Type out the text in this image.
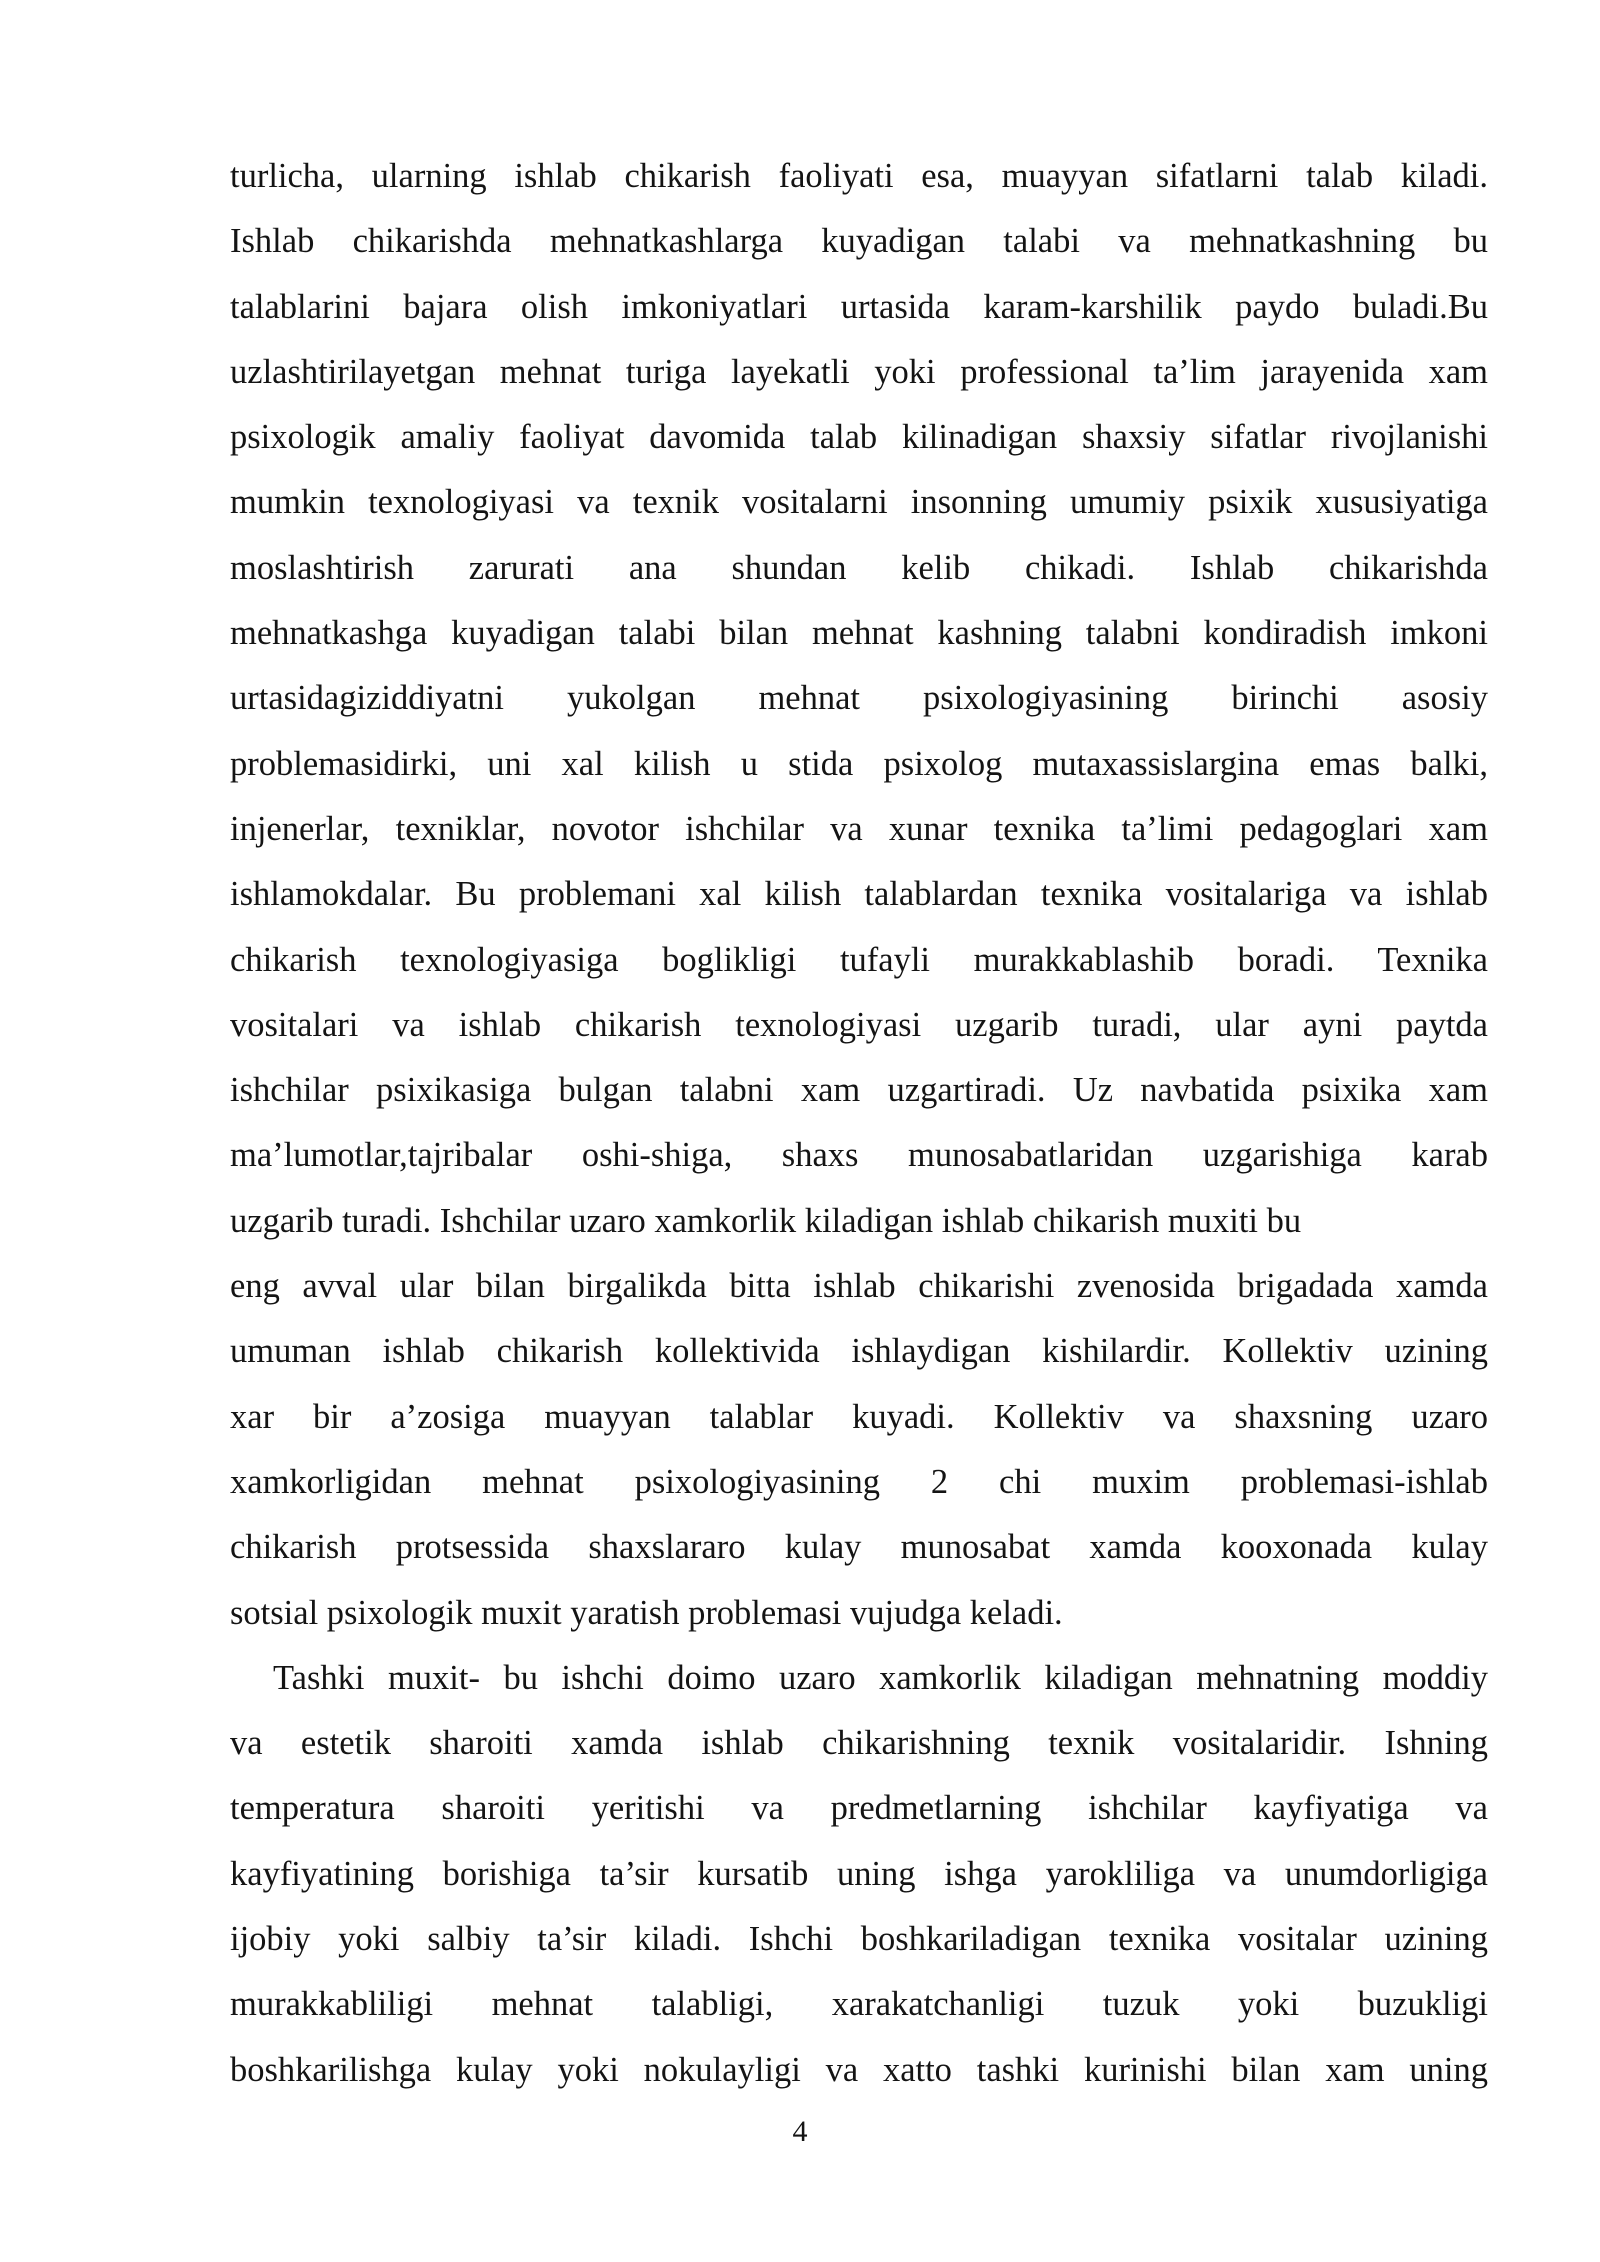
turlicha, ularning ishlab chikarish faoliyati esa, muayyan sifatlarni talab kiladi.
Ishlab chikarishda mehnatkashlarga kuyadigan talabi va mehnatkashning bu
talablarini bajara olish imkoniyatlari urtasida karam-karshilik paydo buladi.Bu
uzlashtirilayetgan mehnat turiga layekatli yoki professional ta’lim jarayenida xam
psixologik amaliy faoliyat davomida talab kilinadigan shaxsiy sifatlar rivojlanishi
mumkin texnologiyasi va texnik vositalarni insonning umumiy psixik xususiyatiga
moslashtirish zarurati ana shundan kelib chikadi. Ishlab chikarishda
mehnatkashga kuyadigan talabi bilan mehnat kashning talabni kondiradish imkoni
urtasidagiziddiyatni yukolgan mehnat psixologiyasining birinchi asosiy
problemasidirki, uni xal kilish u stida psixolog mutaxassislargina emas balki,
injenerlar, texniklar, novotor ishchilar va xunar texnika ta’limi pedagoglari xam
ishlamokdalar. Bu problemani xal kilish talablardan texnika vositalariga va ishlab
chikarish texnologiyasiga boglikligi tufayli murakkablashib boradi. Texnika
vositalari va ishlab chikarish texnologiyasi uzgarib turadi, ular ayni paytda
ishchilar psixikasiga bulgan talabni xam uzgartiradi. Uz navbatida psixika xam
ma’lumotlar,tajribalar oshi-shiga, shaxs munosabatlaridan uzgarishiga karab
uzgarib turadi. Ishchilar uzaro xamkorlik kiladigan ishlab chikarish muxiti bu
eng avval ular bilan birgalikda bitta ishlab chikarishi zvenosida brigadada xamda
umuman ishlab chikarish kollektivida ishlaydigan kishilardir. Kollektiv uzining
xar bir a’zosiga muayyan talablar kuyadi. Kollektiv va shaxsning uzaro
xamkorligidan mehnat psixologiyasining 2 chi muxim problemasi-ishlab
chikarish protsessida shaxslararo kulay munosabat xamda kooxonada kulay
sotsial psixologik muxit yaratish problemasi vujudga keladi.
Tashki muxit- bu ishchi doimo uzaro xamkorlik kiladigan mehnatning moddiy
va estetik sharoiti xamda ishlab chikarishning texnik vositalaridir. Ishning
temperatura sharoiti yeritishi va predmetlarning ishchilar kayfiyatiga va
kayfiyatining borishiga ta’sir kursatib uning ishga yarokliliga va unumdorligiga
ijobiy yoki salbiy ta’sir kiladi. Ishchi boshkariladigan texnika vositalar uzining
murakkabliligi mehnat talabligi, xarakatchanligi tuzuk yoki buzukligi
boshkarilishga kulay yoki nokulayligi va xatto tashki kurinishi bilan xam uning
4
